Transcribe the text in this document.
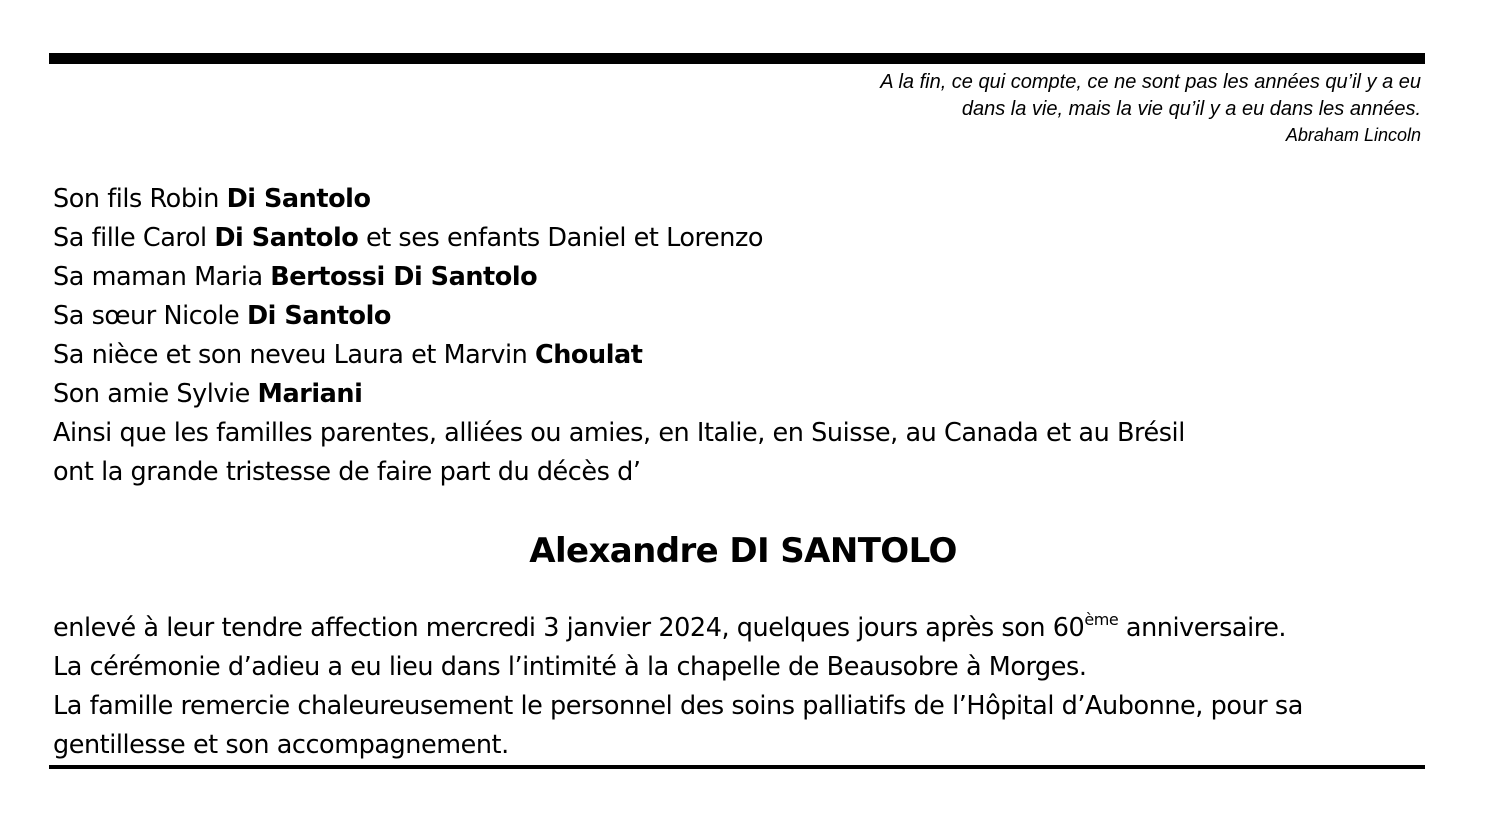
A la fin, ce qui compte, ce ne sont pas les années qu’il y a eu
dans la vie, mais la vie qu’il y a eu dans les années.
Abraham Lincoln
Son fils Robin Di Santolo
Sa fille Carol Di Santolo et ses enfants Daniel et Lorenzo
Sa maman Maria Bertossi Di Santolo
Sa sœur Nicole Di Santolo
Sa nièce et son neveu Laura et Marvin Choulat
Son amie Sylvie Mariani
Ainsi que les familles parentes, alliées ou amies, en Italie, en Suisse, au Canada et au Brésil
ont la grande tristesse de faire part du décès d’
Alexandre DI SANTOLO
enlevé à leur tendre affection mercredi 3 janvier 2024, quelques jours après son 60ème anniversaire.
La cérémonie d’adieu a eu lieu dans l’intimité à la chapelle de Beausobre à Morges.
La famille remercie chaleureusement le personnel des soins palliatifs de l’Hôpital d’Aubonne, pour sa
gentillesse et son accompagnement.
